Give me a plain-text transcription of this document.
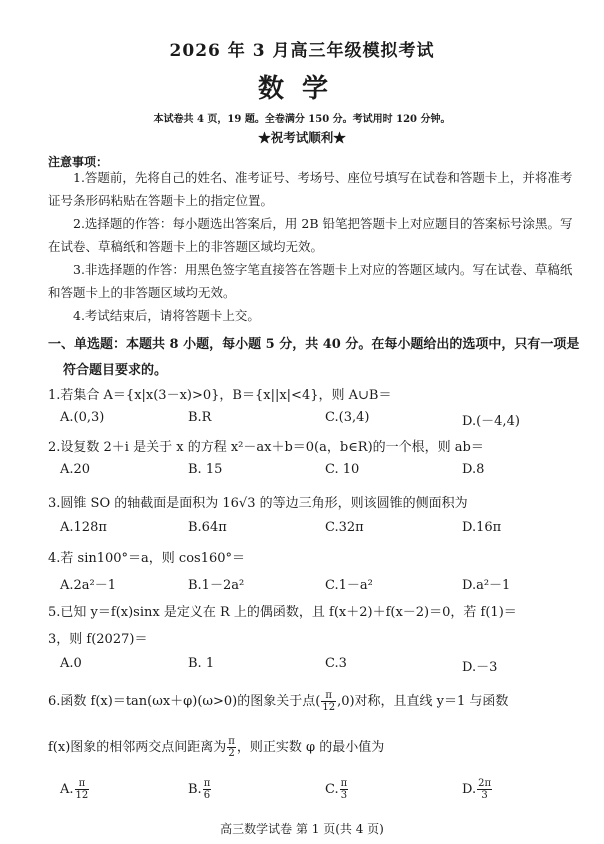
2026 年 3 月高三年级模拟考试
数学
本试卷共 4 页，19 题。全卷满分 150 分。考试用时 120 分钟。
★祝考试顺利★
注意事项：
1.答题前，先将自己的姓名、准考证号、考场号、座位号填写在试卷和答题卡上，并将准考证号条形码粘贴在答题卡上的指定位置。
2.选择题的作答：每小题选出答案后，用 2B 铅笔把答题卡上对应题目的答案标号涂黑。写在试卷、草稿纸和答题卡上的非答题区域均无效。
3.非选择题的作答：用黑色签字笔直接答在答题卡上对应的答题区域内。写在试卷、草稿纸和答题卡上的非答题区域均无效。
4.考试结束后，请将答题卡上交。
一、单选题：本题共 8 小题，每小题 5 分，共 40 分。在每小题给出的选项中，只有一项是
符合题目要求的。
1.若集合 A＝{x|x(3－x)>0}，B＝{x||x|<4}，则 A∪B＝
A.(0,3)	B.R	C.(3,4)	D.(－4,4)
2.设复数 2＋i 是关于 x 的方程 x²－ax＋b＝0(a，b∈R)的一个根，则 ab＝
A.20	B. 15	C. 10	D.8
3.圆锥 SO 的轴截面是面积为 16√3 的等边三角形，则该圆锥的侧面积为
A.128π	B.64π	C.32π	D.16π
4.若 sin100°＝a，则 cos160°＝
A.2a²－1	B.1－2a²	C.1－a²	D.a²－1
5.已知 y＝f(x)sinx 是定义在 R 上的偶函数，且 f(x＋2)＋f(x－2)＝0，若 f(1)＝
3，则 f(2027)＝
A.0	B. 1	C.3	D.－3
6.函数 f(x)＝tan(ωx＋φ)(ω>0)的图象关于点( $\frac{\pi}{12} ,0$)对称，且直线 y＝1 与函数
f(x)图象的相邻两交点间距离为 $\frac{\pi}{2}$ ，则正实数 φ 的最小值为
A. $\frac{\pi}{12}$	B. $\frac{\pi}{6}$	C. $\frac{\pi}{3}$	D. $\frac{2\pi}{3}$
高三数学试卷 第 1 页(共 4 页)
